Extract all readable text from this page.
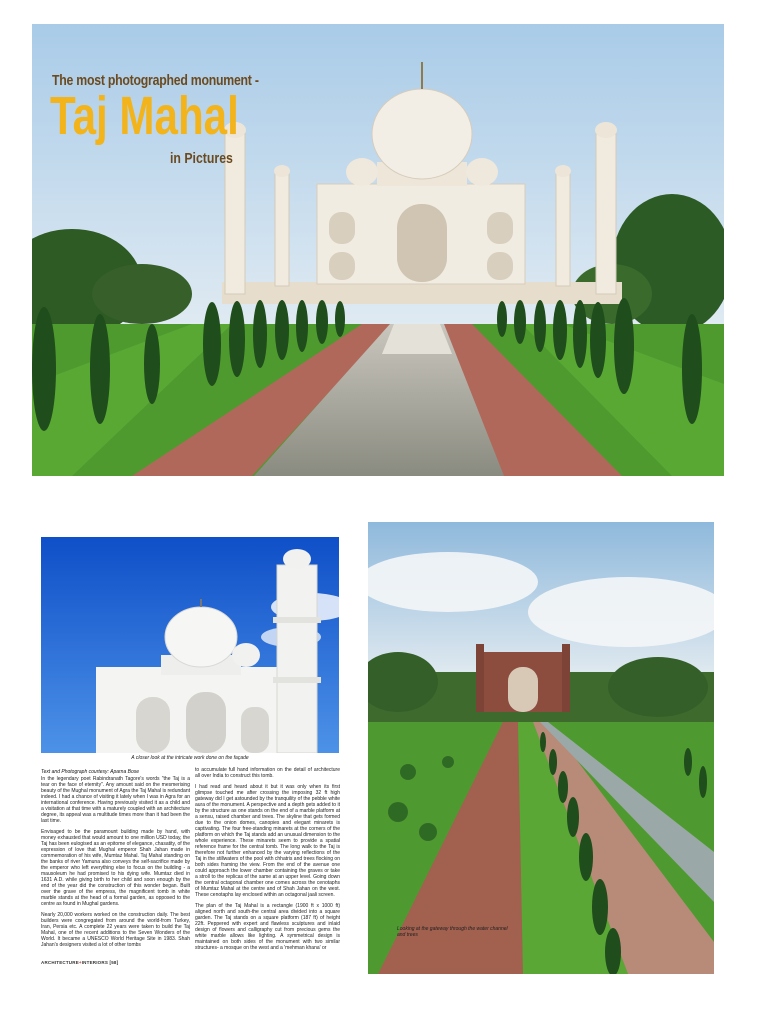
The most photographed monument -
Taj Mahal
in Pictures
A closer look at the intricate work done on the façade
Text and Photograph courtesy: Aparna Bose

In the legendary poet Rabindranath Tagore's words "the Taj is a tear on the face of eternity". Any amount said on the mesmerising beauty of the Mughal monument of Agra the Taj Mahal is redundant indeed. I had a chance of visiting it lately when I was in Agra for an international conference. Having previously visited it as a child and a visitation at that time with a maturely coupled with an architecture degree, its appeal was a multitude times more than it had been the last time.

Envisaged to be the paramount building made by hand, with money exhausted that would amount to one million USD today, the Taj has been eulogised as an epitome of elegance, chasatity, of the expression of love that Mughal emperor Shah Jahan made in commemoration of his wife, Mumtaz Mahal. Taj Mahal standing on the banks of river Yamuna also conveys the self-sacrifice made by the emperor who left everything else to focus on the building - a mausoleum he had promised to his dying wife. Mumtaz died in 1631 A.D. while giving birth to her child and soon enough by the end of the year did the construction of this wonder began. Built over the grave of the empress, the magnificent tomb in white marble stands at the head of a formal garden, as opposed to the centre as found in Mughal gardens.

Nearly 20,000 workers worked on the construction daily. The best builders were congregated from around the world-from Turkey, Iran, Persia etc. A complete 22 years were taken to build the Taj Mahal, one of the recent additions to the Seven Wonders of the World. It became a UNESCO World Heritage Site in 1983. Shah Jahan's designers visited a lot of other tombs

to accumulate full hand information on the detail of architecture all over India to construct this tomb.

I had read and heard about it but it was only when its first glimpse touched me after crossing the imposing 32 ft high gateway did I get astounded by the tranquility of the pebble white aura of the monument. A perspective and a depth gets added to it by the structure as one stands on the end of a marble platform at a sensu, raised chamber and trees. The skyline that gets formed due to the onion domes, canopies and elegant minarets is captivating. The four free-standing minarets at the corners of the platform on which the Taj stands add an unusual dimension to the whole experience. These minarets seem to provide a spatial reference frame for the central tomb. The long walk to the Taj is therefore not further enhanced by the varying reflections of the Taj in the stillwaters of the pool with chhatris and trees flocking on both sides framing the view. From the end of the avenue one could approach the lower chamber containing the graves or take a stroll to the replicas of the same at an upper level. Going down the central octagonal chamber one comes across the cenotaphs of Mumtaz Mahal at the centre and of Shah Jahan on the west. These cenotaphs lay enclosed within an octagonal jaali screen.

The plan of the Taj Mahal is a rectangle (1900 ft x 1000 ft) aligned north and south-the central area divided into a square garden. The Taj stands on a square platform (187 ft) of height 22ft. Peppered with expert and flawless sculptures and inlaid design of flowers and calligraphy cut from precious gems the white marble allows like lighting. A symmetrical design is maintained on both sides of the monument with two similar structures- a mosque on the west and a 'mehman khana' or

ARCHITECTURE+INTERIORS [58]
Looking at the gateway through the water channel and trees
